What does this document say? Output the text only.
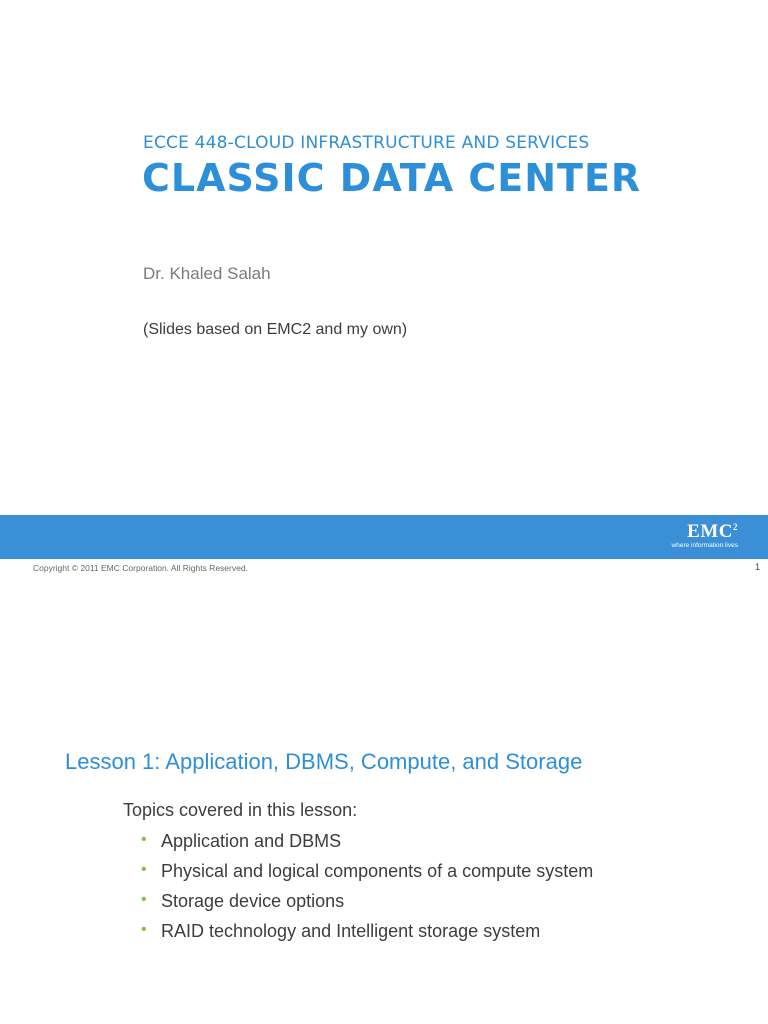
ECCE 448-CLOUD INFRASTRUCTURE AND SERVICES
CLASSIC DATA CENTER
Dr. Khaled Salah
(Slides based on EMC2 and my own)
EMC$^2$
where information lives
Copyright © 2011 EMC Corporation. All Rights Reserved.	1
Lesson 1: Application, DBMS, Compute, and Storage
Topics covered in this lesson:
• Application and DBMS
• Physical and logical components of a compute system
• Storage device options
• RAID technology and Intelligent storage system
